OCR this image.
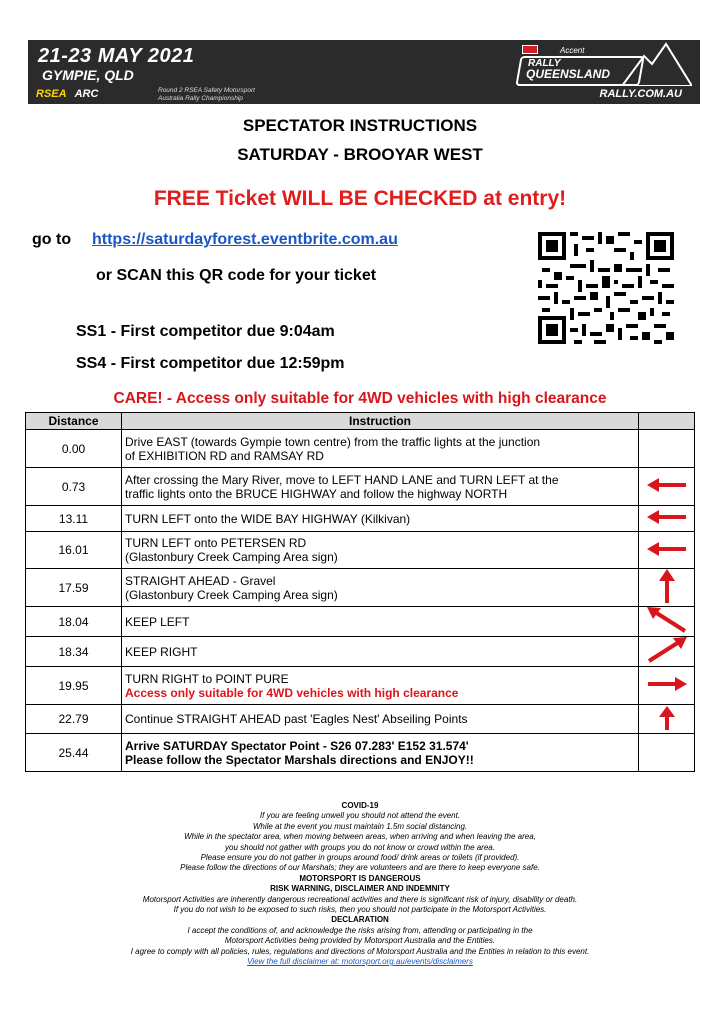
21-23 MAY 2021
GYMPIE, QLD
RSEA ARC	Round 2 RSEA Safety Motorsport
Australia Rally Championship
Accent
RALLY
QUEENSLAND
RALLY.COM.AU
SPECTATOR INSTRUCTIONS
SATURDAY - BROOYAR WEST
FREE Ticket WILL BE CHECKED at entry!
go to https://saturdayforest.eventbrite.com.au
or SCAN this QR code for your ticket
SS1 - First competitor due 9:04am
SS4 - First competitor due 12:59pm
CARE! - Access only suitable for 4WD vehicles with high clearance
Distance	Instruction	
0.00	Drive EAST (towards Gympie town centre) from the traffic lights at the junction
of EXHIBITION RD and RAMSAY RD	

0.73	After crossing the Mary River, move to LEFT HAND LANE and TURN LEFT at the
traffic lights onto the BRUCE HIGHWAY and follow the highway NORTH

13.11	TURN LEFT onto the WIDE BAY HIGHWAY (Kilkivan)	
16.01	TURN LEFT onto PETERSEN RD
(Glastonbury Creek Camping Area sign)

17.59	STRAIGHT AHEAD - Gravel
(Glastonbury Creek Camping Area sign)

18.04	KEEP LEFT	
18.34	KEEP RIGHT	
19.95	TURN RIGHT to POINT PURE
Access only suitable for 4WD vehicles with high clearance

22.79	Continue STRAIGHT AHEAD past 'Eagles Nest' Abseiling Points	
25.44	Arrive SATURDAY Spectator Point - S26 07.283' E152 31.574'
Please follow the Spectator Marshals directions and ENJOY!!	

COVID-19
If you are feeling unwell you should not attend the event.
While at the event you must maintain 1.5m social distancing.
While in the spectator area, when moving between areas, when arriving and when leaving the area,
you should not gather with groups you do not know or crowd within the area.
Please ensure you do not gather in groups around food/ drink areas or toilets (if provided).
Please follow the directions of our Marshals; they are volunteers and are there to keep everyone safe.
MOTORSPORT IS DANGEROUS
RISK WARNING, DISCLAIMER AND INDEMNITY
Motorsport Activities are inherently dangerous recreational activities and there is significant risk of injury, disability or death.
If you do not wish to be exposed to such risks, then you should not participate in the Motorsport Activities.
DECLARATION
I accept the conditions of, and acknowledge the risks arising from, attending or participating in the
Motorsport Activities being provided by Motorsport Australia and the Entities.
I agree to comply with all policies, rules, regulations and directions of Motorsport Australia and the Entities in relation to this event.
View the full disclaimer at: motorsport.org.au/events/disclaimers
